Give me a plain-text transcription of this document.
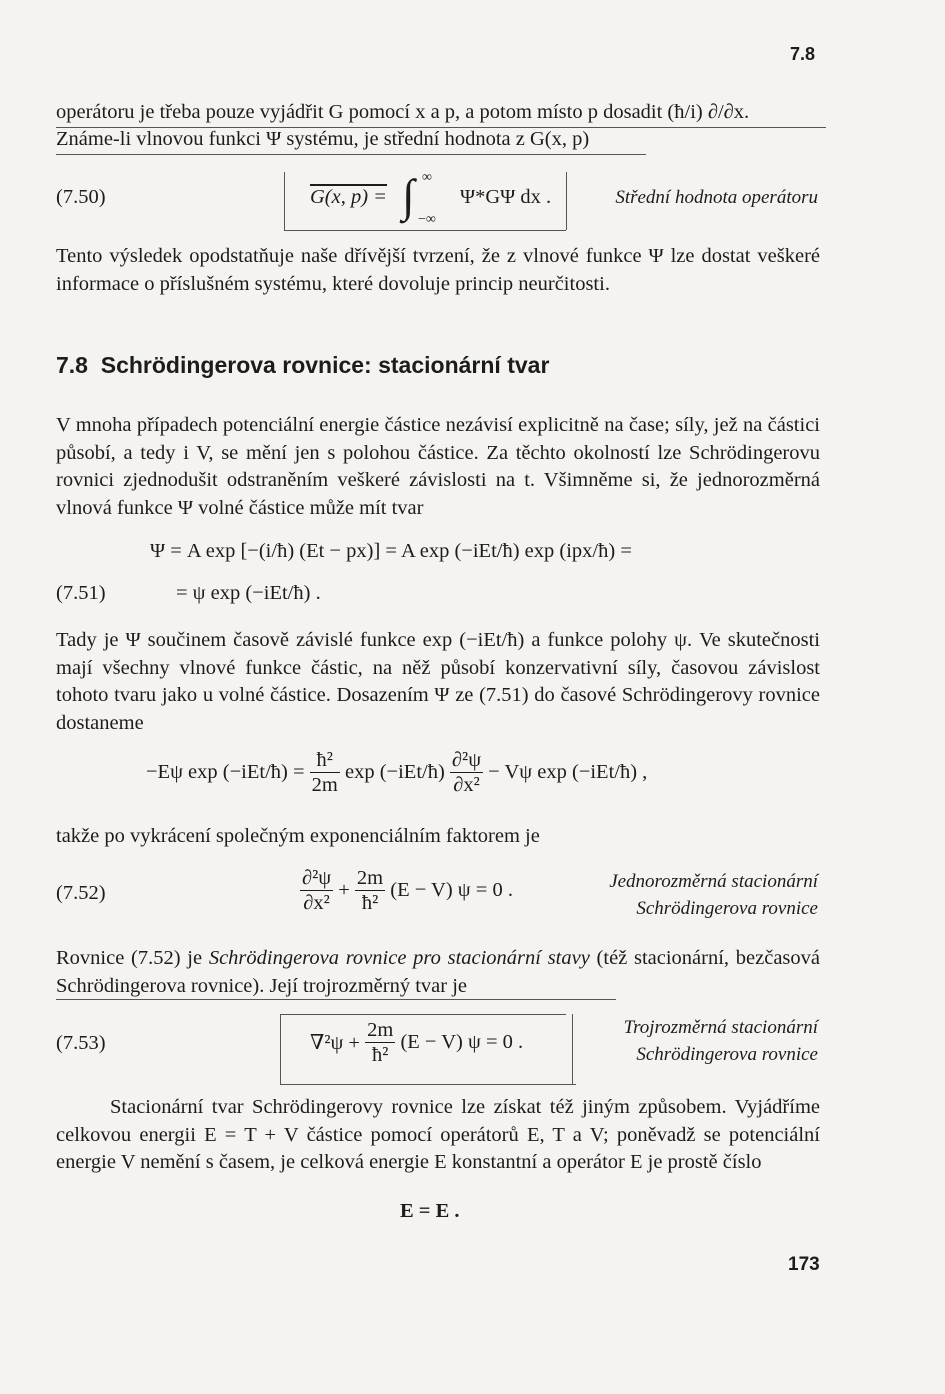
7.8
operátoru je třeba pouze vyjádřit G pomocí x a p, a potom místo p dosadit (ħ/i) ∂/∂x.
Známe-li vlnovou funkci Ψ systému, je střední hodnota z G(x, p)
(7.50)	G(x, p) = ∫ ∞
−∞
Ψ*GΨ dx .	Střední hodnota operátoru

Tento výsledek opodstatňuje naše dřívější tvrzení, že z vlnové funkce Ψ lze dostat veškeré informace o příslušném systému, které dovoluje princip neurčitosti.

7.8  Schrödingerova rovnice: stacionární tvar

V mnoha případech potenciální energie částice nezávisí explicitně na čase; síly, jež na částici působí, a tedy i V, se mění jen s polohou částice. Za těchto okolností lze Schrödingerovu rovnici zjednodušit odstraněním veškeré závislosti na t. Všimněme si, že jednorozměrná vlnová funkce Ψ volné částice může mít tvar

Ψ = A exp [−(i/ħ) (Et − px)] = A exp (−iEt/ħ) exp (ipx/ħ) =
(7.51)	= ψ exp (−iEt/ħ) .

Tady je Ψ součinem časově závislé funkce exp (−iEt/ħ) a funkce polohy ψ. Ve skutečnosti mají všechny vlnové funkce částic, na něž působí konzervativní síly, časovou závislost tohoto tvaru jako u volné částice. Dosazením Ψ ze (7.51) do časové Schrödingerovy rovnice dostaneme

−Eψ exp (−iEt/ħ) = $\frac{\text{ħ²}}{2m}$ exp (−iEt/ħ) $\frac{\text{∂²ψ}}{\text{∂x²}} - V\psi$ exp (−iEt/ħ) ,
takže po vykrácení společným exponenciálním faktorem je
(7.52)	$\frac{\text{∂²ψ}}{\text{∂x²}} + \frac{2m}{\text{ħ²}} (E - V) \psi = 0$ .	Jednorozměrná stacionární
Schrödingerova rovnice

Rovnice (7.52) je Schrödingerova rovnice pro stacionární stavy (též stacionární, bezčasová Schrödingerova rovnice). Její trojrozměrný tvar je

(7.53)	$\nabla^2\psi + \frac{2m}{\text{ħ²}} (E - V) \psi = 0$ .
Trojrozměrná stacionární
Schrödingerova rovnice

Stacionární tvar Schrödingerovy rovnice lze získat též jiným způsobem. Vyjádříme celkovou energii E = T + V částice pomocí operátorů E, T a V; poněvadž se potenciální energie V nemění s časem, je celková energie E konstantní a operátor E je prostě číslo

E = E .
173
